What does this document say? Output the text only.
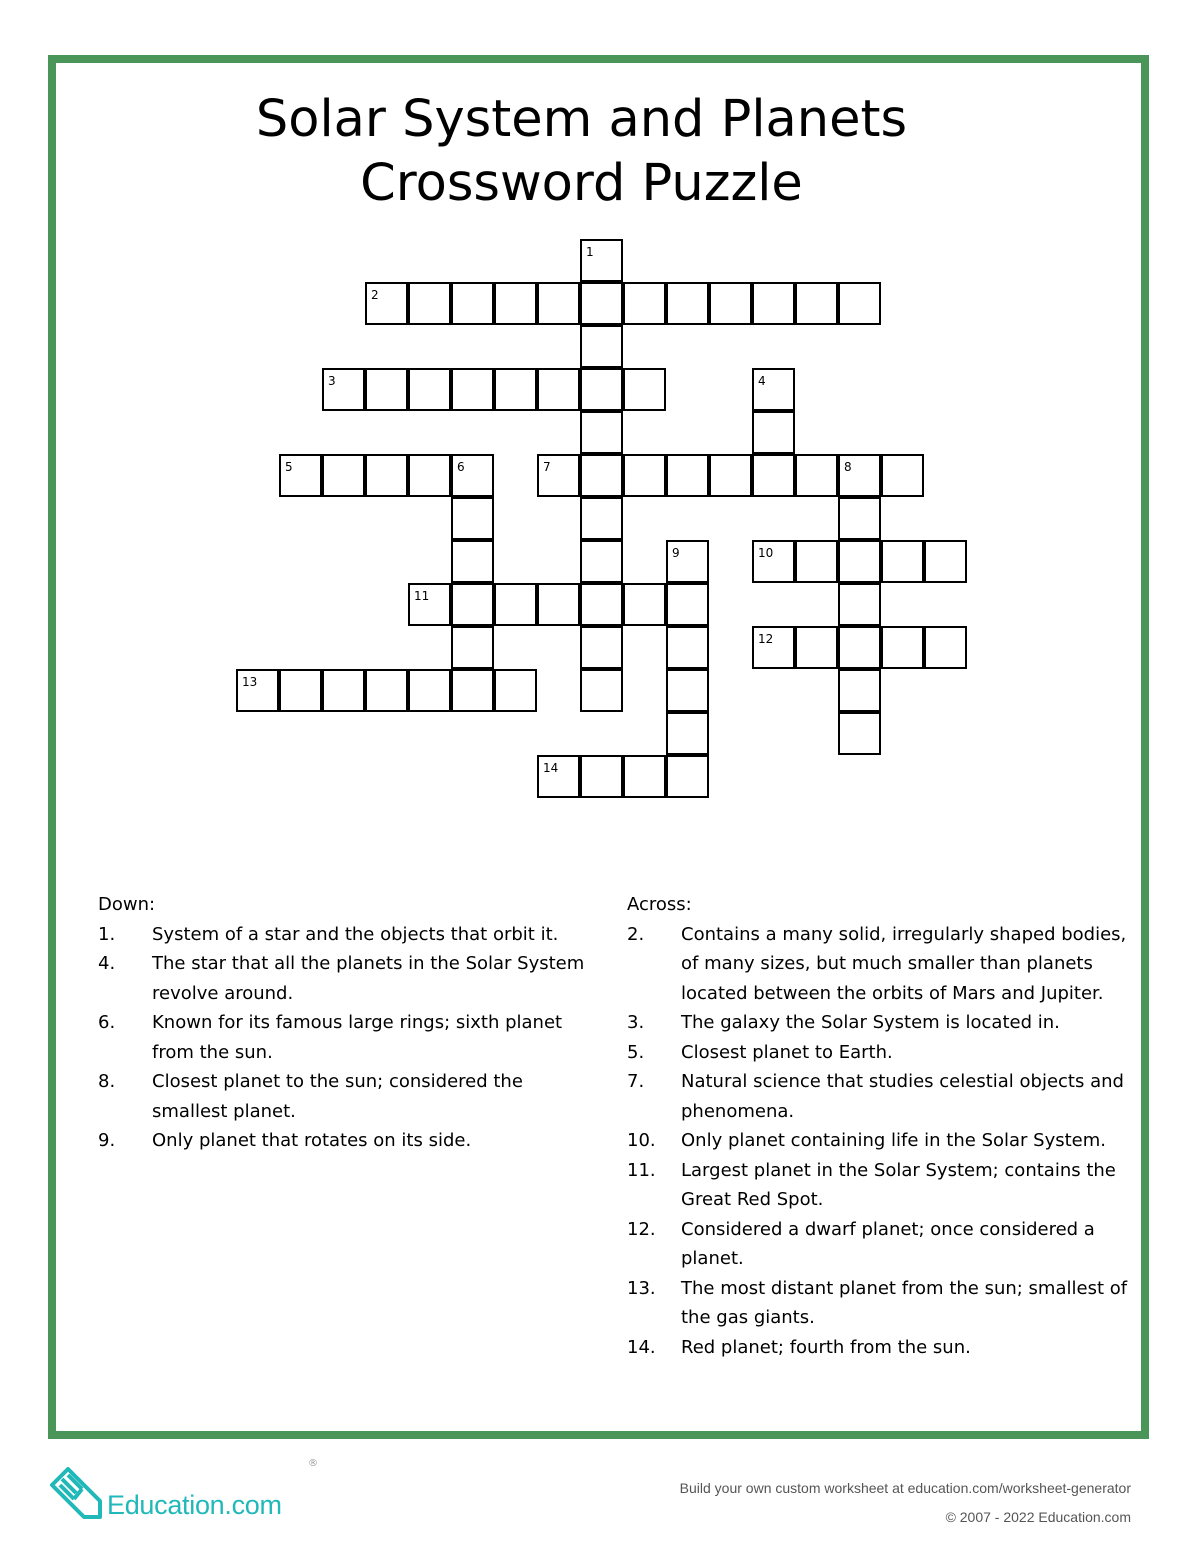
Solar System and Planets
Crossword Puzzle
1
2
3	4
5	6	7	8
9	10
11
12
13
14
Down:
1.	System of a star and the objects that orbit it.
4.	The star that all the planets in the Solar System revolve around.
6.	Known for its famous large rings; sixth planet from the sun.
8.	Closest planet to the sun; considered the smallest planet.
9.	Only planet that rotates on its side.
Across:
2.	Contains a many solid, irregularly shaped bodies, of many sizes, but much smaller than planets located between the orbits of Mars and Jupiter.
3.	The galaxy the Solar System is located in.
5.	Closest planet to Earth.
7.	Natural science that studies celestial objects and phenomena.
10.	Only planet containing life in the Solar System.
11.	Largest planet in the Solar System; contains the Great Red Spot.
12.	Considered a dwarf planet; once considered a planet.
13.	The most distant planet from the sun; smallest of the gas giants.
14.	Red planet; fourth from the sun.
Education.com
®
Build your own custom worksheet at education.com/worksheet-generator
© 2007 - 2022 Education.com
